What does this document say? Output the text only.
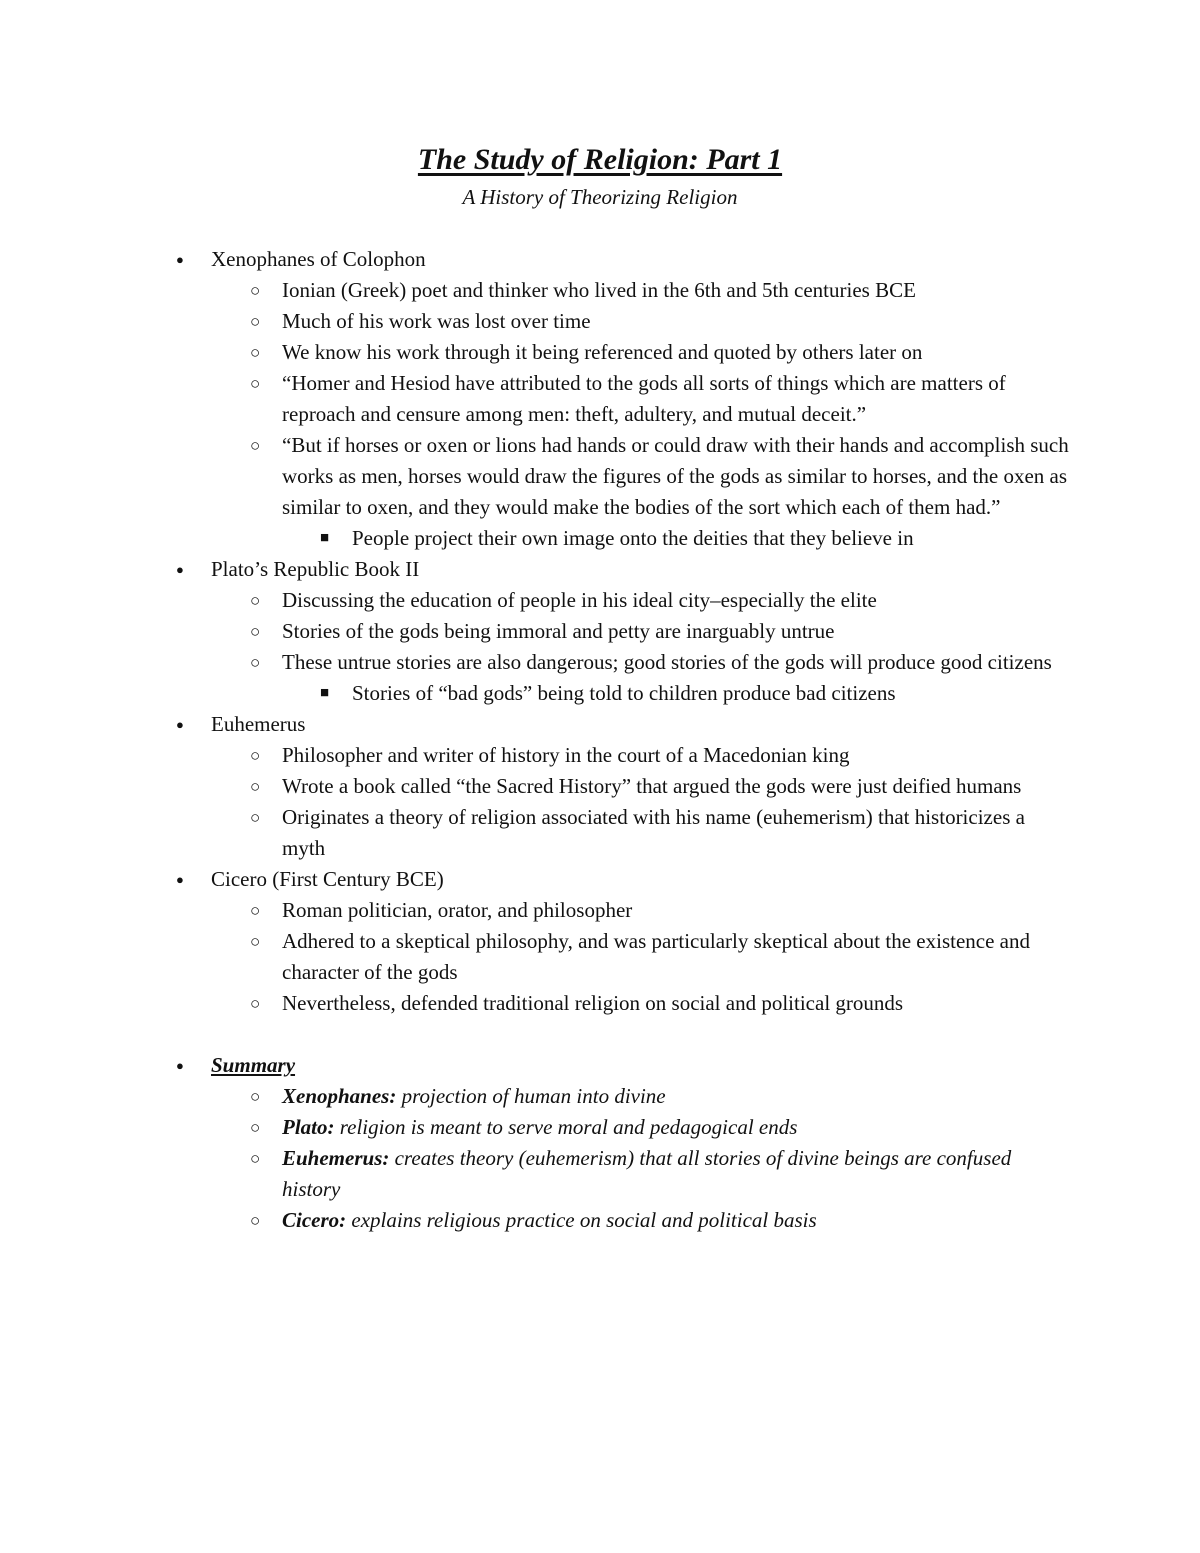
The Study of Religion: Part 1
A History of Theorizing Religion
● Xenophanes of Colophon
○ Ionian (Greek) poet and thinker who lived in the 6th and 5th centuries BCE
○ Much of his work was lost over time
○ We know his work through it being referenced and quoted by others later on
○ “Homer and Hesiod have attributed to the gods all sorts of things which are matters of reproach and censure among men: theft, adultery, and mutual deceit.”
○ “But if horses or oxen or lions had hands or could draw with their hands and accomplish such works as men, horses would draw the figures of the gods as similar to horses, and the oxen as similar to oxen, and they would make the bodies of the sort which each of them had.”
■ People project their own image onto the deities that they believe in
● Plato’s Republic Book II
○ Discussing the education of people in his ideal city–especially the elite
○ Stories of the gods being immoral and petty are inarguably untrue
○ These untrue stories are also dangerous; good stories of the gods will produce good citizens
■ Stories of “bad gods” being told to children produce bad citizens
● Euhemerus
○ Philosopher and writer of history in the court of a Macedonian king
○ Wrote a book called “the Sacred History” that argued the gods were just deified humans
○ Originates a theory of religion associated with his name (euhemerism) that historicizes a myth
● Cicero (First Century BCE)
○ Roman politician, orator, and philosopher
○ Adhered to a skeptical philosophy, and was particularly skeptical about the existence and character of the gods
○ Nevertheless, defended traditional religion on social and political grounds
● Summary
○ Xenophanes: projection of human into divine
○ Plato: religion is meant to serve moral and pedagogical ends
○ Euhemerus: creates theory (euhemerism) that all stories of divine beings are confused history
○ Cicero: explains religious practice on social and political basis
